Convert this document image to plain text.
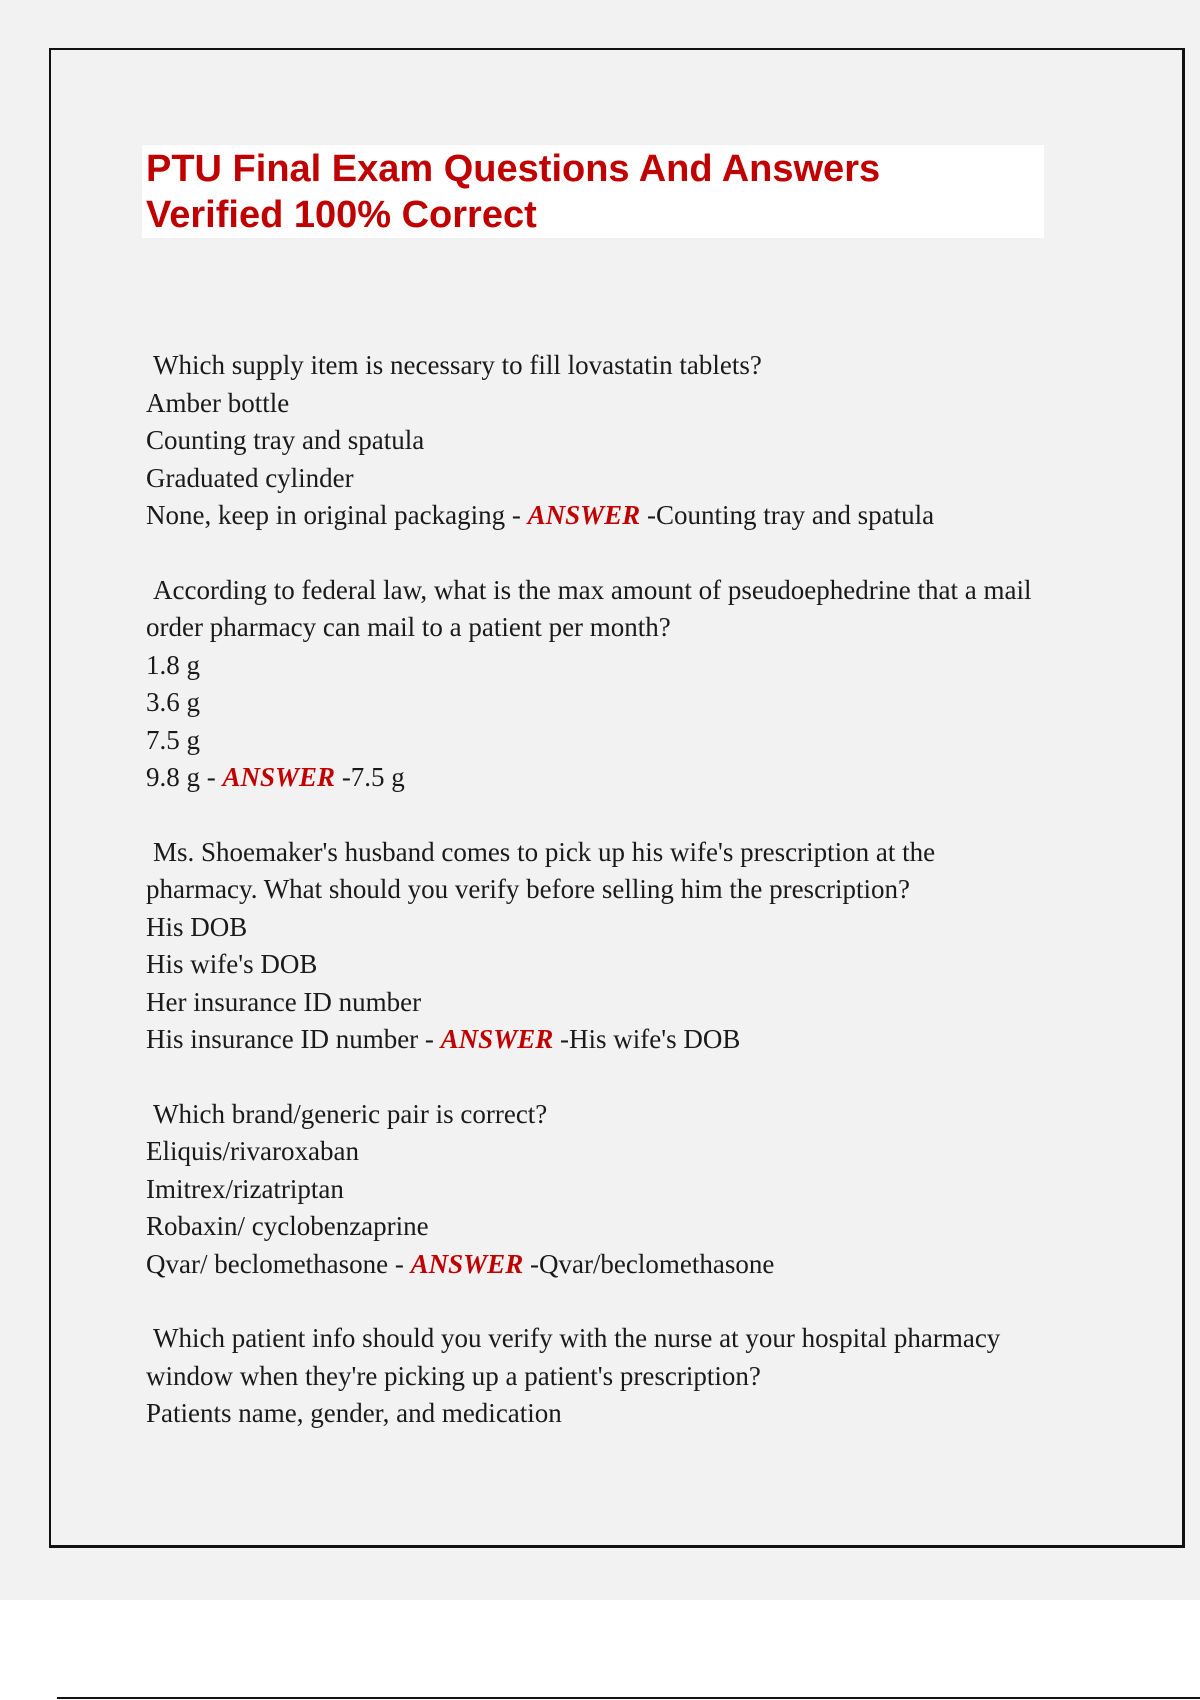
PTU Final Exam Questions And Answers
Verified 100% Correct
Which supply item is necessary to fill lovastatin tablets?
Amber bottle
Counting tray and spatula
Graduated cylinder
None, keep in original packaging - ANSWER -Counting tray and spatula
According to federal law, what is the max amount of pseudoephedrine that a mail
order pharmacy can mail to a patient per month?
1.8 g
3.6 g
7.5 g
9.8 g - ANSWER -7.5 g
Ms. Shoemaker's husband comes to pick up his wife's prescription at the
pharmacy. What should you verify before selling him the prescription?
His DOB
His wife's DOB
Her insurance ID number
His insurance ID number - ANSWER -His wife's DOB
Which brand/generic pair is correct?
Eliquis/rivaroxaban
Imitrex/rizatriptan
Robaxin/ cyclobenzaprine
Qvar/ beclomethasone - ANSWER -Qvar/beclomethasone
Which patient info should you verify with the nurse at your hospital pharmacy
window when they're picking up a patient's prescription?
Patients name, gender, and medication
